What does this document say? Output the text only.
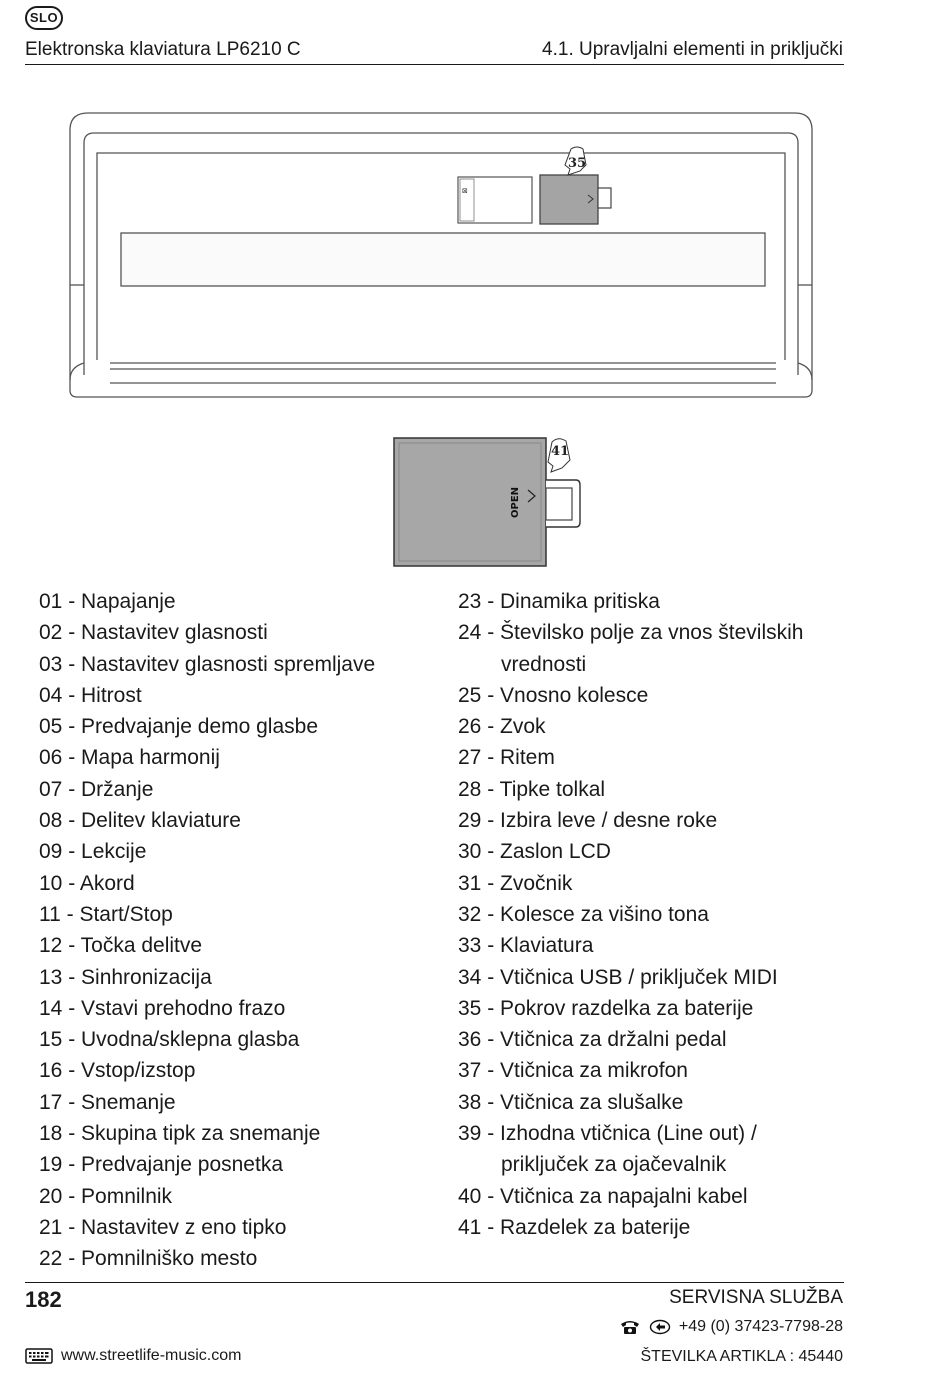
SLO
Elektronska klaviatura LP6210 C	4.1. Upravljalni elementi in priključki
⊠
35
OPEN
41
01 - Napajanje
02 - Nastavitev glasnosti
03 - Nastavitev glasnosti spremljave
04 - Hitrost
05 - Predvajanje demo glasbe
06 - Mapa harmonij
07 - Držanje
08 - Delitev klaviature
09 - Lekcije
10 - Akord
11 - Start/Stop
12 - Točka delitve
13 - Sinhronizacija
14 - Vstavi prehodno frazo
15 - Uvodna/sklepna glasba
16 - Vstop/izstop
17 - Snemanje
18 - Skupina tipk za snemanje
19 - Predvajanje posnetka
20 - Pomnilnik
21 - Nastavitev z eno tipko
22 - Pomnilniško mesto
23 - Dinamika pritiska
24 - Številsko polje za vnos številskih
vrednosti
25 - Vnosno kolesce
26 - Zvok
27 - Ritem
28 - Tipke tolkal
29 - Izbira leve / desne roke
30 - Zaslon LCD
31 - Zvočnik
32 - Kolesce za višino tona
33 - Klaviatura
34 - Vtičnica USB / priključek MIDI
35 - Pokrov razdelka za baterije
36 - Vtičnica za držalni pedal
37 - Vtičnica za mikrofon
38 - Vtičnica za slušalke
39 - Izhodna vtičnica (Line out) /
priključek za ojačevalnik
40 - Vtičnica za napajalni kabel
41 - Razdelek za baterije
182	SERVISNA SLUŽBA
+49 (0) 37423-7798-28
www.streetlife-music.com	ŠTEVILKA ARTIKLA : 45440
